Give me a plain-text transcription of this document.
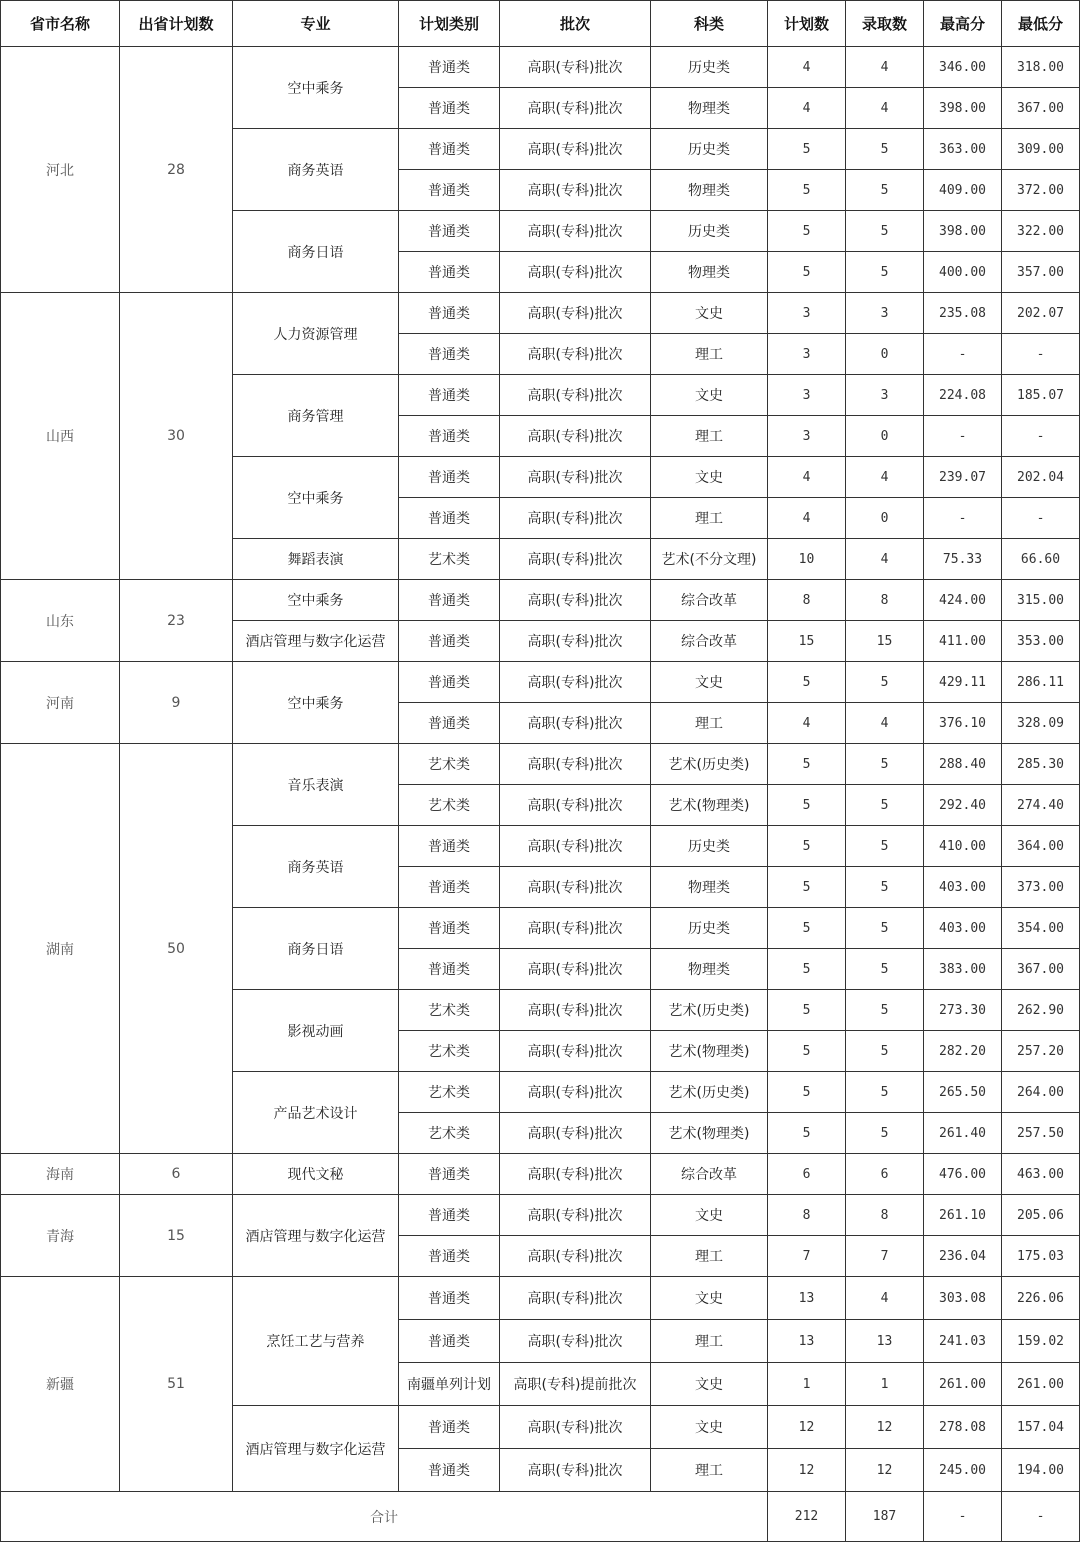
省市名称	出省计划数	专业	计划类别	批次	科类	计划数	录取数	最高分	最低分
河北	28	空中乘务	普通类	高职(专科)批次	历史类	4	4	346.00	318.00
			普通类	高职(专科)批次	物理类	4	4	398.00	367.00
		商务英语	普通类	高职(专科)批次	历史类	5	5	363.00	309.00
			普通类	高职(专科)批次	物理类	5	5	409.00	372.00
		商务日语	普通类	高职(专科)批次	历史类	5	5	398.00	322.00
			普通类	高职(专科)批次	物理类	5	5	400.00	357.00
山西	30	人力资源管理	普通类	高职(专科)批次	文史	3	3	235.08	202.07
			普通类	高职(专科)批次	理工	3	0	-	-
		商务管理	普通类	高职(专科)批次	文史	3	3	224.08	185.07
			普通类	高职(专科)批次	理工	3	0	-	-
		空中乘务	普通类	高职(专科)批次	文史	4	4	239.07	202.04
			普通类	高职(专科)批次	理工	4	0	-	-
		舞蹈表演	艺术类	高职(专科)批次	艺术(不分文理)	10	4	75.33	66.60
山东	23	空中乘务	普通类	高职(专科)批次	综合改革	8	8	424.00	315.00
		酒店管理与数字化运营	普通类	高职(专科)批次	综合改革	15	15	411.00	353.00
河南	9	空中乘务	普通类	高职(专科)批次	文史	5	5	429.11	286.11
			普通类	高职(专科)批次	理工	4	4	376.10	328.09
湖南	50	音乐表演	艺术类	高职(专科)批次	艺术(历史类)	5	5	288.40	285.30
			艺术类	高职(专科)批次	艺术(物理类)	5	5	292.40	274.40
		商务英语	普通类	高职(专科)批次	历史类	5	5	410.00	364.00
			普通类	高职(专科)批次	物理类	5	5	403.00	373.00
		商务日语	普通类	高职(专科)批次	历史类	5	5	403.00	354.00
			普通类	高职(专科)批次	物理类	5	5	383.00	367.00
		影视动画	艺术类	高职(专科)批次	艺术(历史类)	5	5	273.30	262.90
			艺术类	高职(专科)批次	艺术(物理类)	5	5	282.20	257.20
		产品艺术设计	艺术类	高职(专科)批次	艺术(历史类)	5	5	265.50	264.00
			艺术类	高职(专科)批次	艺术(物理类)	5	5	261.40	257.50
海南	6	现代文秘	普通类	高职(专科)批次	综合改革	6	6	476.00	463.00
青海	15	酒店管理与数字化运营	普通类	高职(专科)批次	文史	8	8	261.10	205.06
			普通类	高职(专科)批次	理工	7	7	236.04	175.03
新疆	51	烹饪工艺与营养	普通类	高职(专科)批次	文史	13	4	303.08	226.06
			普通类	高职(专科)批次	理工	13	13	241.03	159.02
			南疆单列计划	高职(专科)提前批次	文史	1	1	261.00	261.00
		酒店管理与数字化运营	普通类	高职(专科)批次	文史	12	12	278.08	157.04
			普通类	高职(专科)批次	理工	12	12	245.00	194.00
合计						212	187	-	-
